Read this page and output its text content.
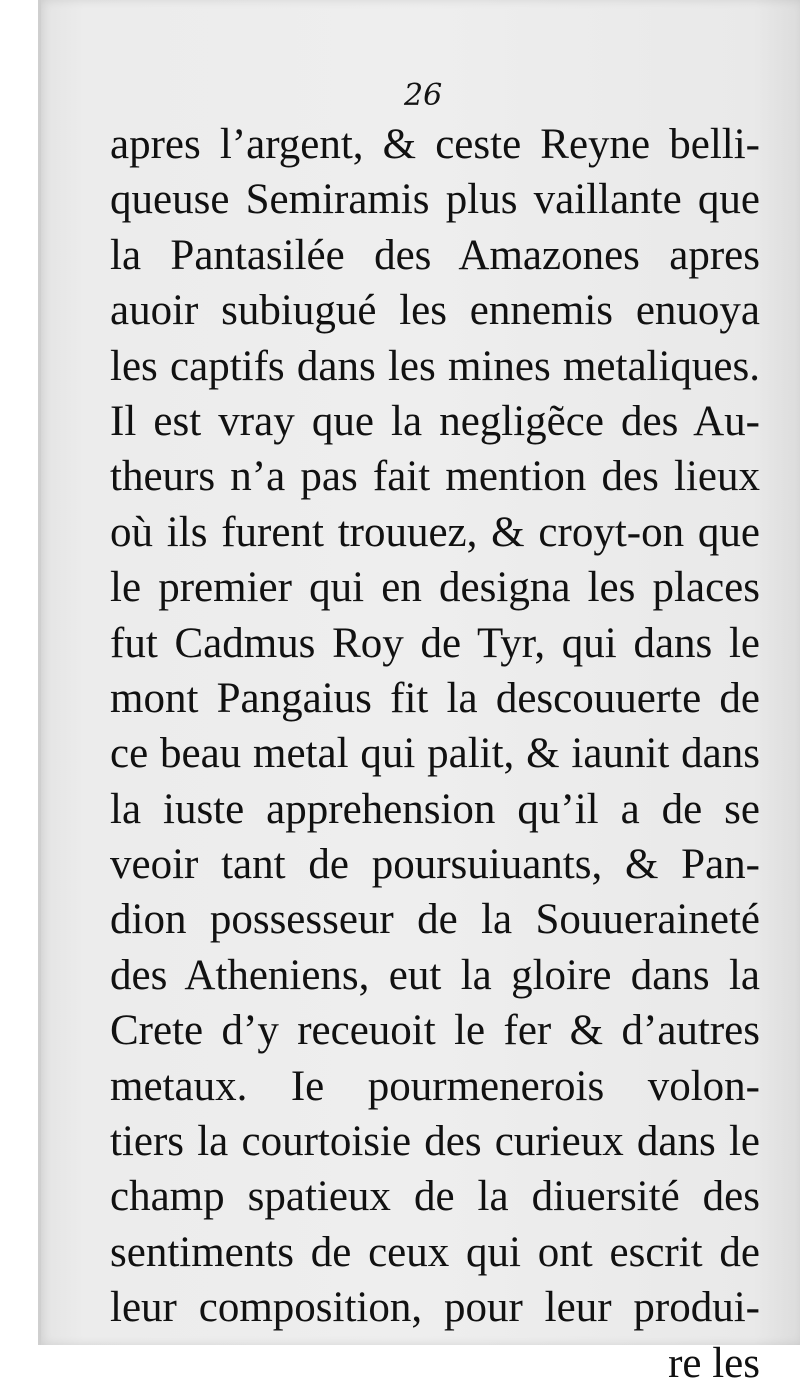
26
apres l’argent, & ceste Reyne belli-
queuse Semiramis plus vaillante que
la Pantasilée des Amazones apres
auoir subiugué les ennemis enuoya
les captifs dans les mines metaliques.
Il est vray que la negligẽce des Au-
theurs n’a pas fait mention des lieux
où ils furent trouuez, & croyt-on que
le premier qui en designa les places
fut Cadmus Roy de Tyr, qui dans le
mont Pangaius fit la descouuerte de
ce beau metal qui palit, & iaunit dans
la iuste apprehension qu’il a de se
veoir tant de poursuiuants, & Pan-
dion possesseur de la Souueraineté
des Atheniens, eut la gloire dans la
Crete d’y receuoit le fer & d’autres
metaux. Ie pourmenerois volon-
tiers la courtoisie des curieux dans le
champ spatieux de la diuersité des
sentiments de ceux qui ont escrit de
leur composition, pour leur produi-
re les
